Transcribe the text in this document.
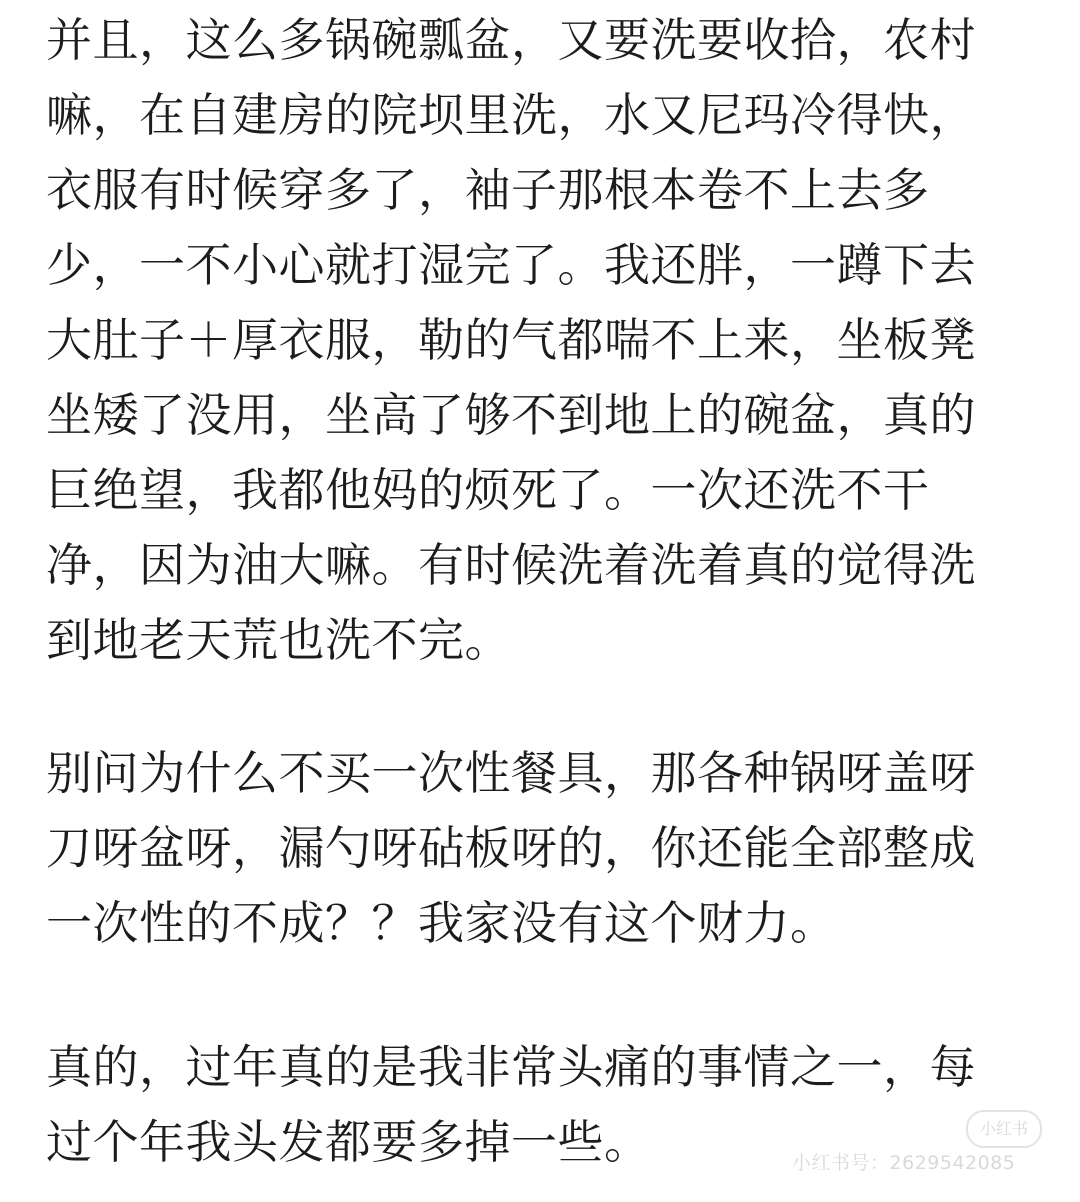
并且，这么多锅碗瓢盆，又要洗要收拾，农村
嘛，在自建房的院坝里洗，水又尼玛冷得快，
衣服有时候穿多了，袖子那根本卷不上去多
少，一不小心就打湿完了。我还胖，一蹲下去
大肚子＋厚衣服，勒的气都喘不上来，坐板凳
坐矮了没用，坐高了够不到地上的碗盆，真的
巨绝望，我都他妈的烦死了。一次还洗不干
净，因为油大嘛。有时候洗着洗着真的觉得洗
到地老天荒也洗不完。
别问为什么不买一次性餐具，那各种锅呀盖呀
刀呀盆呀，漏勺呀砧板呀的，你还能全部整成
一次性的不成？？我家没有这个财力。
真的，过年真的是我非常头痛的事情之一，每
过个年我头发都要多掉一些。	小红书
小红书号：2629542085
